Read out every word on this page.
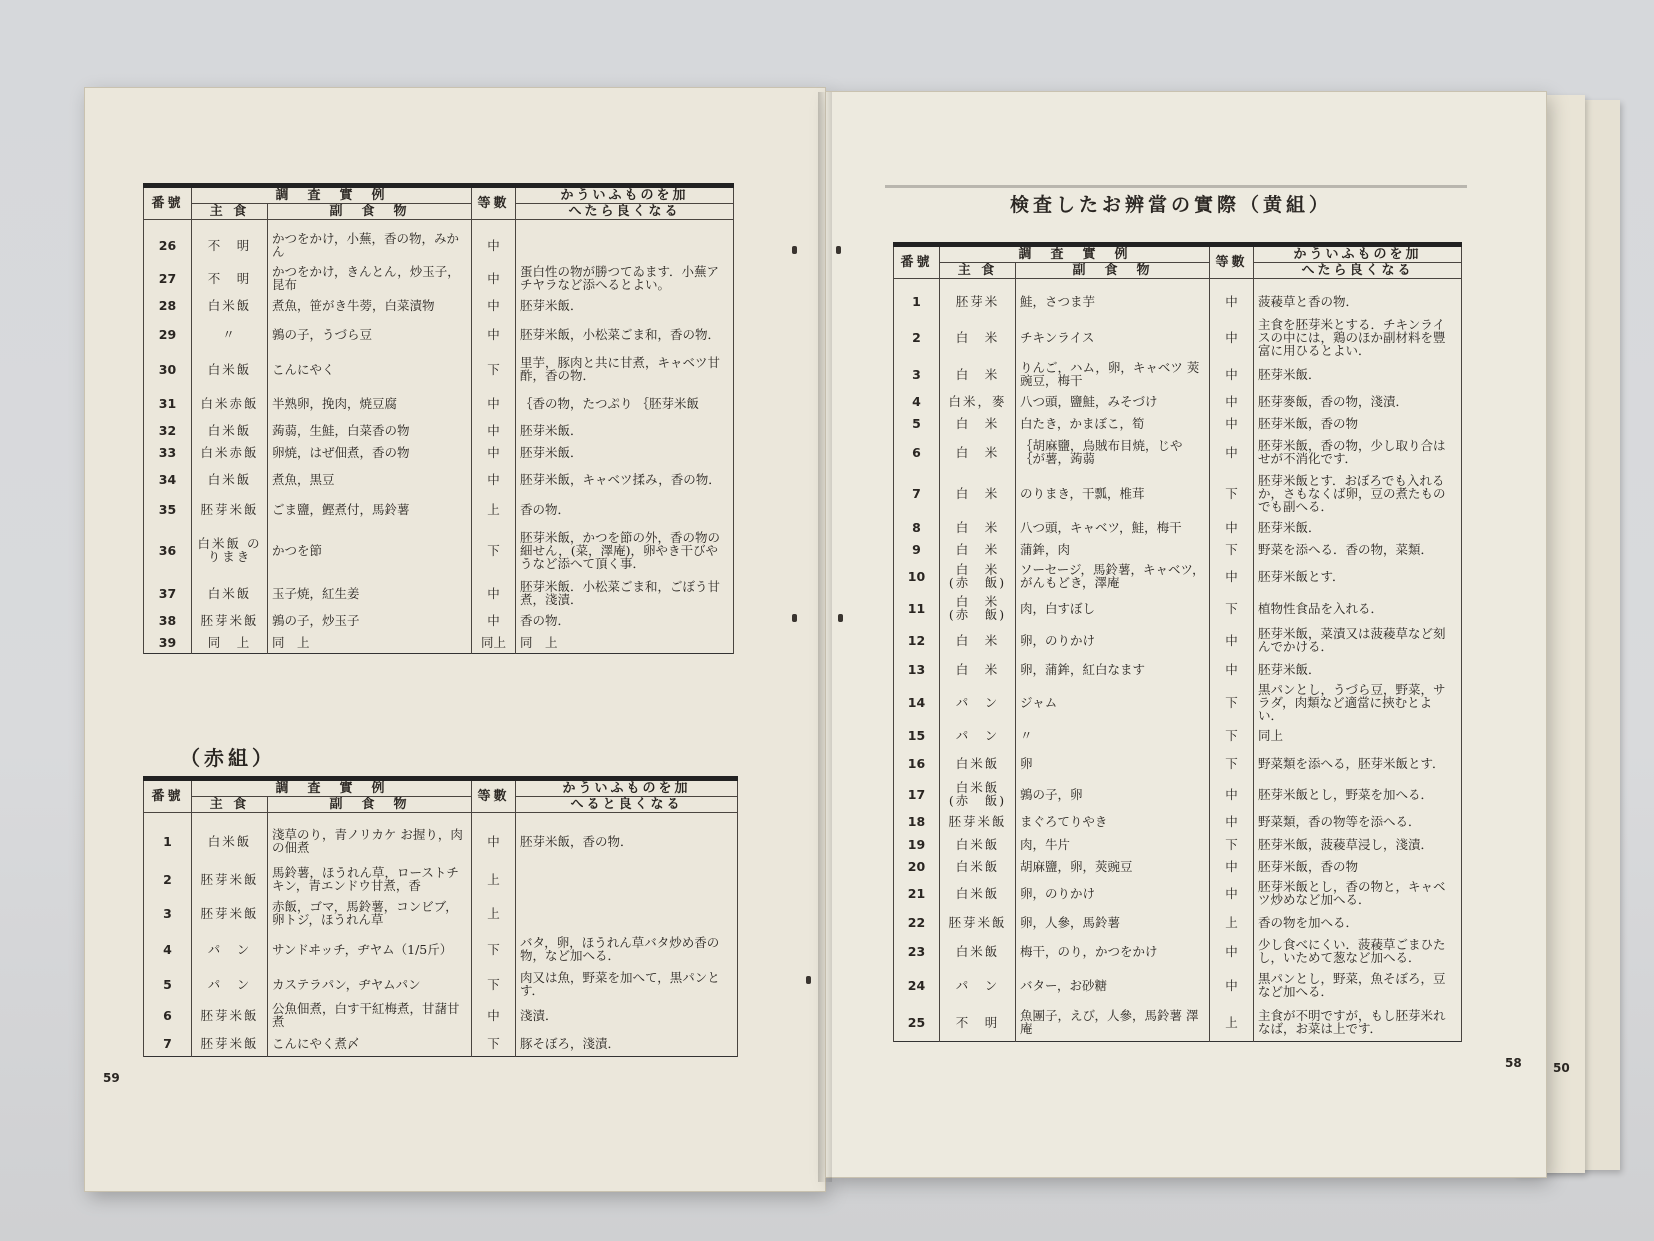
番號	調　査　實　例		等數	かういふものを加
	主 食	副　食　物		へたら良くなる
26	不　明	かつをかけ，小蕪，香の物，みかん	中	
27	不　明	かつをかけ，きんとん，炒玉子，昆布	中	蛋白性の物が勝つてゐます．小蕪アチヤラなど添へるとよい。
28	白米飯	煮魚，笹がき牛蒡，白菜漬物	中	胚芽米飯．
29	〃	鶉の子，うづら豆	中	胚芽米飯，小松菜ごま和，香の物．
30	白米飯	こんにやく	下	里芋，豚肉と共に甘煮，キャベツ甘酢，香の物．
31	白米赤飯	半熟卵，挽肉，焼豆腐	中	｛香の物，たつぷり ｛胚芽米飯
32	白米飯	蒟蒻，生鮭，白菜香の物	中	胚芽米飯．
33	白米赤飯	卵焼，はぜ佃煮，香の物	中	胚芽米飯．
34	白米飯	煮魚，黒豆	中	胚芽米飯，キャベツ揉み，香の物．
35	胚芽米飯	ごま鹽，鰹煮付，馬鈴薯	上	香の物．
36	白米飯 のりまき	かつを節	下	胚芽米飯，かつを節の外，香の物の細せん，(菜，澤庵)，卵やき干びやうなど添へて頂く事．
37	白米飯	玉子焼，紅生姜	中	胚芽米飯．小松菜ごま和，ごぼう甘煮，淺漬．
38	胚芽米飯	鶉の子，炒玉子	中	香の物．
39	同　上	同　上	同上	同　上
（赤組）
番號	調　査　實　例		等數	かういふものを加
	主 食	副　食　物		へると良くなる
1	白米飯	淺草のり，青ノリカケ お握り，肉の佃煮	中	胚芽米飯，香の物．
2	胚芽米飯	馬鈴薯，ほうれん草，ローストチキン，青エンドウ甘煮，香	上	
3	胚芽米飯	赤飯，ゴマ，馬鈴薯，コンビブ，卵トジ，ほうれん草	上	
4	パ　ン	サンドヰッチ，ヂヤム（1/5斤）	下	バタ，卵，ほうれん草バタ炒め香の物，など加へる．
5	パ　ン	カステラパン，ヂヤムパン	下	肉又は魚，野菜を加へて，黒パンとす．
6	胚芽米飯	公魚佃煮，白す干紅梅煮，甘藷甘煮	中	淺漬．
7	胚芽米飯	こんにやく煮〆	下	豚そぼろ，淺漬．
検査したお辨當の實際（黄組）
番號	調　査　實　例		等數	かういふものを加
	主 食	副　食　物		へたら良くなる
1	胚芽米	鮭，さつま芋	中	菠薐草と香の物．
2	白　米	チキンライス	中	主食を胚芽米とする．チキンライスの中には，鶏のほか副材料を豐富に用ひるとよい．
3	白　米	りんご，ハム，卵，キャベツ 莢豌豆，梅干	中	胚芽米飯．
4	白米，麥	八つ頭，鹽鮭，みそづけ	中	胚芽麥飯，香の物，淺漬．
5	白　米	白たき，かまぼこ，筍	中	胚芽米飯，香の物
6	白　米	｛胡麻鹽，烏賊布目焼，じや ｛が薯，蒟蒻	中	胚芽米飯，香の物，少し取り合はせが不消化です．
7	白　米	のりまき，干瓢，椎茸	下	胚芽米飯とす．おぼろでも入れるか，さもなくば卵，豆の煮たものでも副へる．
8	白　米	八つ頭，キャベツ，鮭，梅干	中	胚芽米飯．
9	白　米	蒲鉾，肉	下	野菜を添へる．香の物，菜類．
10	白　米 (赤　飯)	ソーセージ，馬鈴薯，キャベツ，がんもどき，澤庵	中	胚芽米飯とす．
11	白　米 (赤　飯)	肉，白すぼし	下	植物性食品を入れる．
12	白　米	卵，のりかけ	中	胚芽米飯，菜漬又は菠薐草など刻んでかける．
13	白　米	卵，蒲鉾，紅白なます	中	胚芽米飯．
14	パ　ン	ジャム	下	黒パンとし，うづら豆，野菜，サラダ，肉類など適當に挾むとよい．
15	パ　ン	〃	下	同上
16	白米飯	卵	下	野菜類を添へる，胚芽米飯とす．
17	白米飯 (赤　飯)	鶉の子，卵	中	胚芽米飯とし，野菜を加へる．
18	胚芽米飯	まぐろてりやき	中	野菜類，香の物等を添へる．
19	白米飯	肉，牛片	下	胚芽米飯，菠薐草浸し，淺漬．
20	白米飯	胡麻鹽，卵，莢豌豆	中	胚芽米飯，香の物
21	白米飯	卵，のりかけ	中	胚芽米飯とし，香の物と，キャベツ炒めなど加へる．
22	胚芽米飯	卵，人參，馬鈴薯	上	香の物を加へる．
23	白米飯	梅干，のり，かつをかけ	中	少し食べにくい．菠薐草ごまひたし，いためて葱など加へる．
24	パ　ン	バター，お砂糖	中	黒パンとし，野菜，魚そぼろ，豆など加へる．
25	不　明	魚團子，えび，人參，馬鈴薯 澤庵	上	主食が不明ですが，もし胚芽米れなば，お菜は上です．
59
58	50
